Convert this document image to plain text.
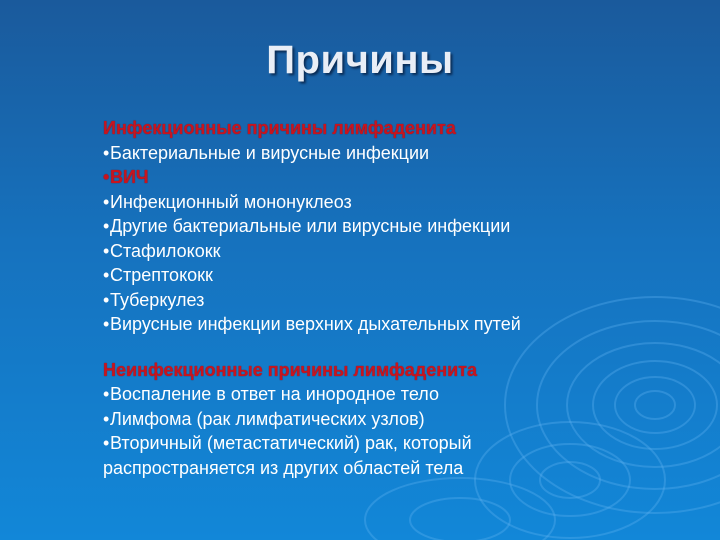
Причины
Инфекционные причины лимфаденита
• Бактериальные и вирусные инфекции
• ВИЧ
• Инфекционный мононуклеоз
• Другие бактериальные или вирусные инфекции
• Стафилококк
• Стрептококк
• Туберкулез
• Вирусные инфекции верхних дыхательных путей
Неинфекционные причины лимфаденита
• Воспаление в ответ на инородное тело
• Лимфома (рак лимфатических узлов)
• Вторичный (метастатический) рак, который
распространяется из других областей тела
